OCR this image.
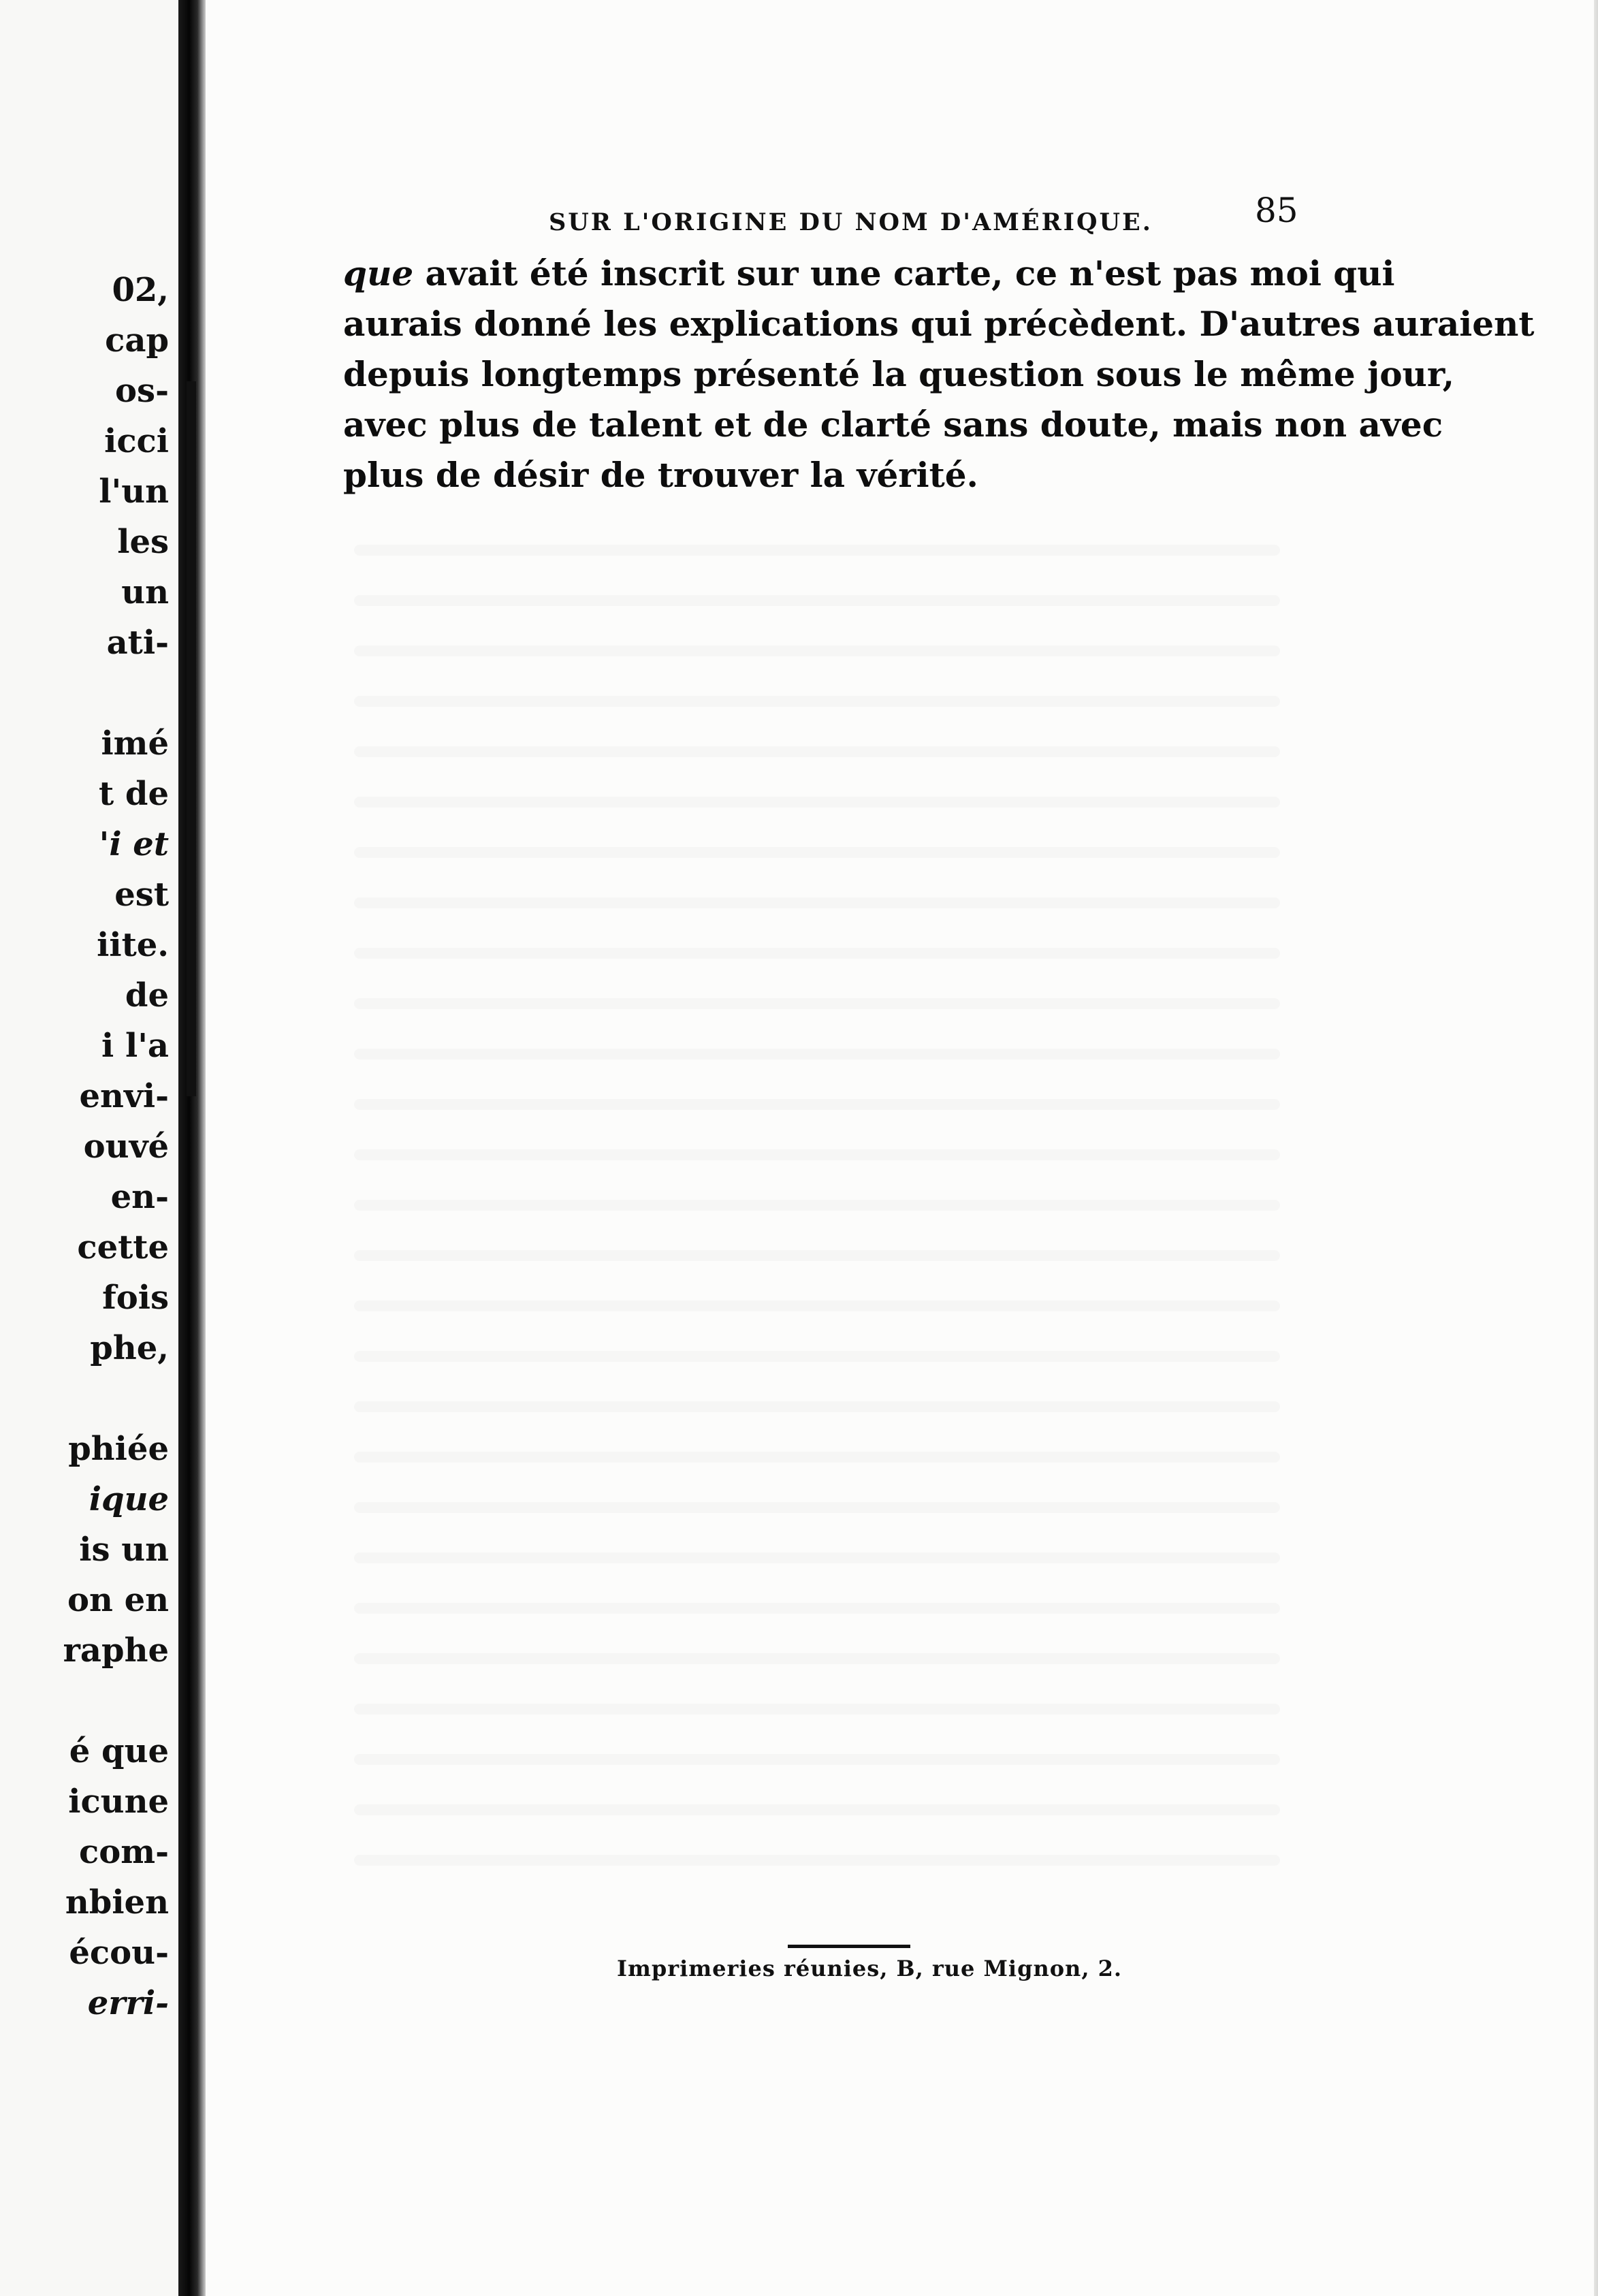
02,
cap
os-
icci
l'un
les
un
ati-
imé
t de
'i et
est
iite.
de
i l'a
envi-
ouvé
en-
cette
fois
phe,
phiée
ique
is un
on en
raphe
é que
icune
com-
nbien
écou-
erri-
SUR L'ORIGINE DU NOM D'AMÉRIQUE.	85
que avait été inscrit sur une carte, ce n'est pas moi qui
aurais donné les explications qui précèdent. D'autres auraient
depuis longtemps présenté la question sous le même jour,
avec plus de talent et de clarté sans doute, mais non avec
plus de désir de trouver la vérité.
Imprimeries réunies, B, rue Mignon, 2.
